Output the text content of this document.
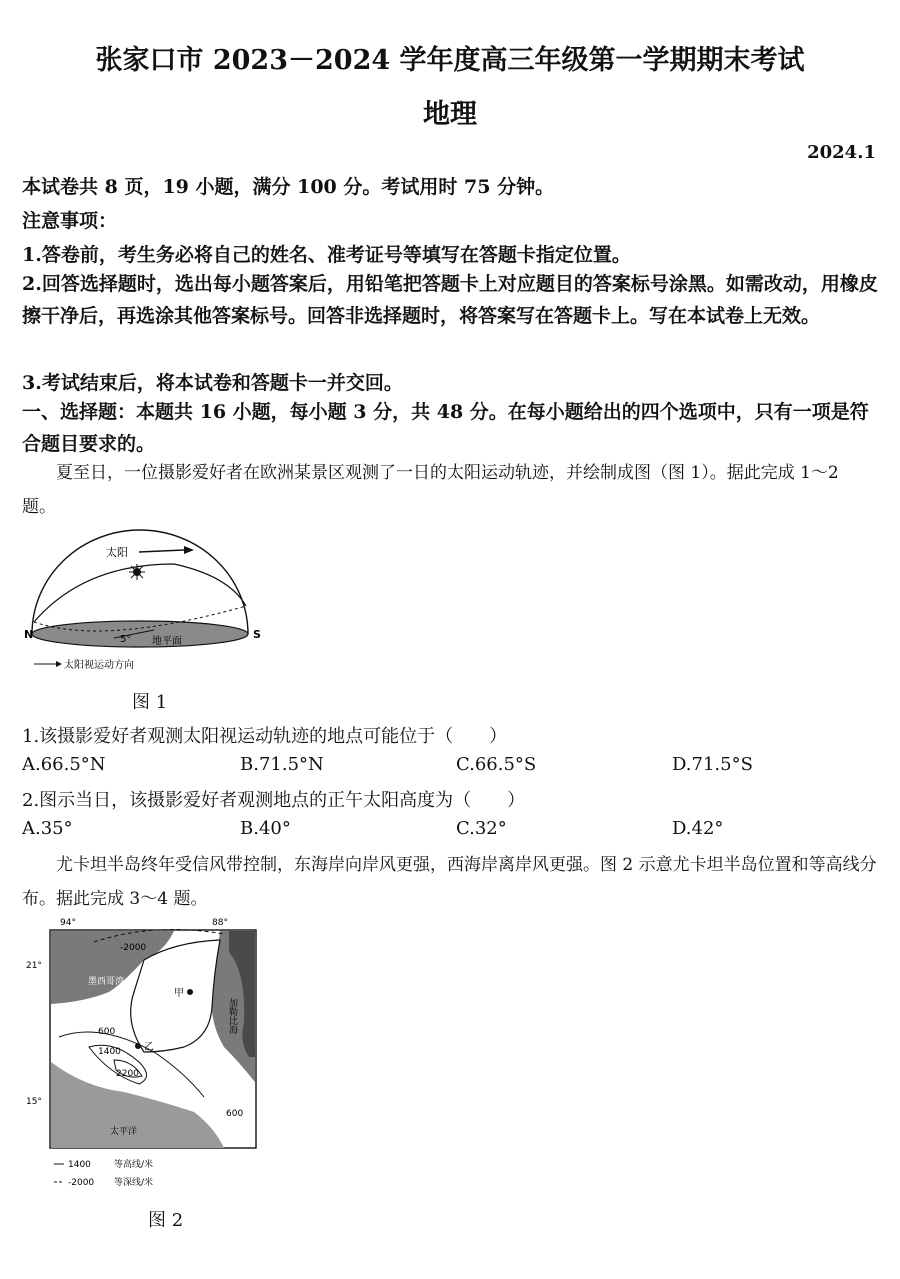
张家口市 2023－2024 学年度高三年级第一学期期末考试
地理
2024.1
本试卷共 8 页，19 小题，满分 100 分。考试用时 75 分钟。
注意事项：
1.答卷前，考生务必将自己的姓名、准考证号等填写在答题卡指定位置。
2.回答选择题时，选出每小题答案后，用铅笔把答题卡上对应题目的答案标号涂黑。如需改动，用橡皮擦干净后，再选涂其他答案标号。回答非选择题时，将答案写在答题卡上。写在本试卷上无效。
3.考试结束后，将本试卷和答题卡一并交回。
一、选择题：本题共 16 小题，每小题 3 分，共 48 分。在每小题给出的四个选项中，只有一项是符合题目要求的。
夏至日，一位摄影爱好者在欧洲某景区观测了一日的太阳运动轨迹，并绘制成图（图 1）。据此完成 1～2 题。
太阳
N	S
5° 地平面
太阳视运动方向
图 1
1.该摄影爱好者观测太阳视运动轨迹的地点可能位于（　　）
A.66.5°N	B.71.5°N	C.66.5°S	D.71.5°S
2.图示当日，该摄影爱好者观测地点的正午太阳高度为（　　）
A.35°	B.40°	C.32°	D.42°
尤卡坦半岛终年受信风带控制，东海岸向岸风更强，西海岸离岸风更强。图 2 示意尤卡坦半岛位置和等高线分布。据此完成 3～4 题。
94°	88°
21°
15°
墨西哥湾
加勒比海
太平洋
甲
乙
-2000
600
1400
2200
600
1400	等高线/米
-2000 等深线/米
图 2
